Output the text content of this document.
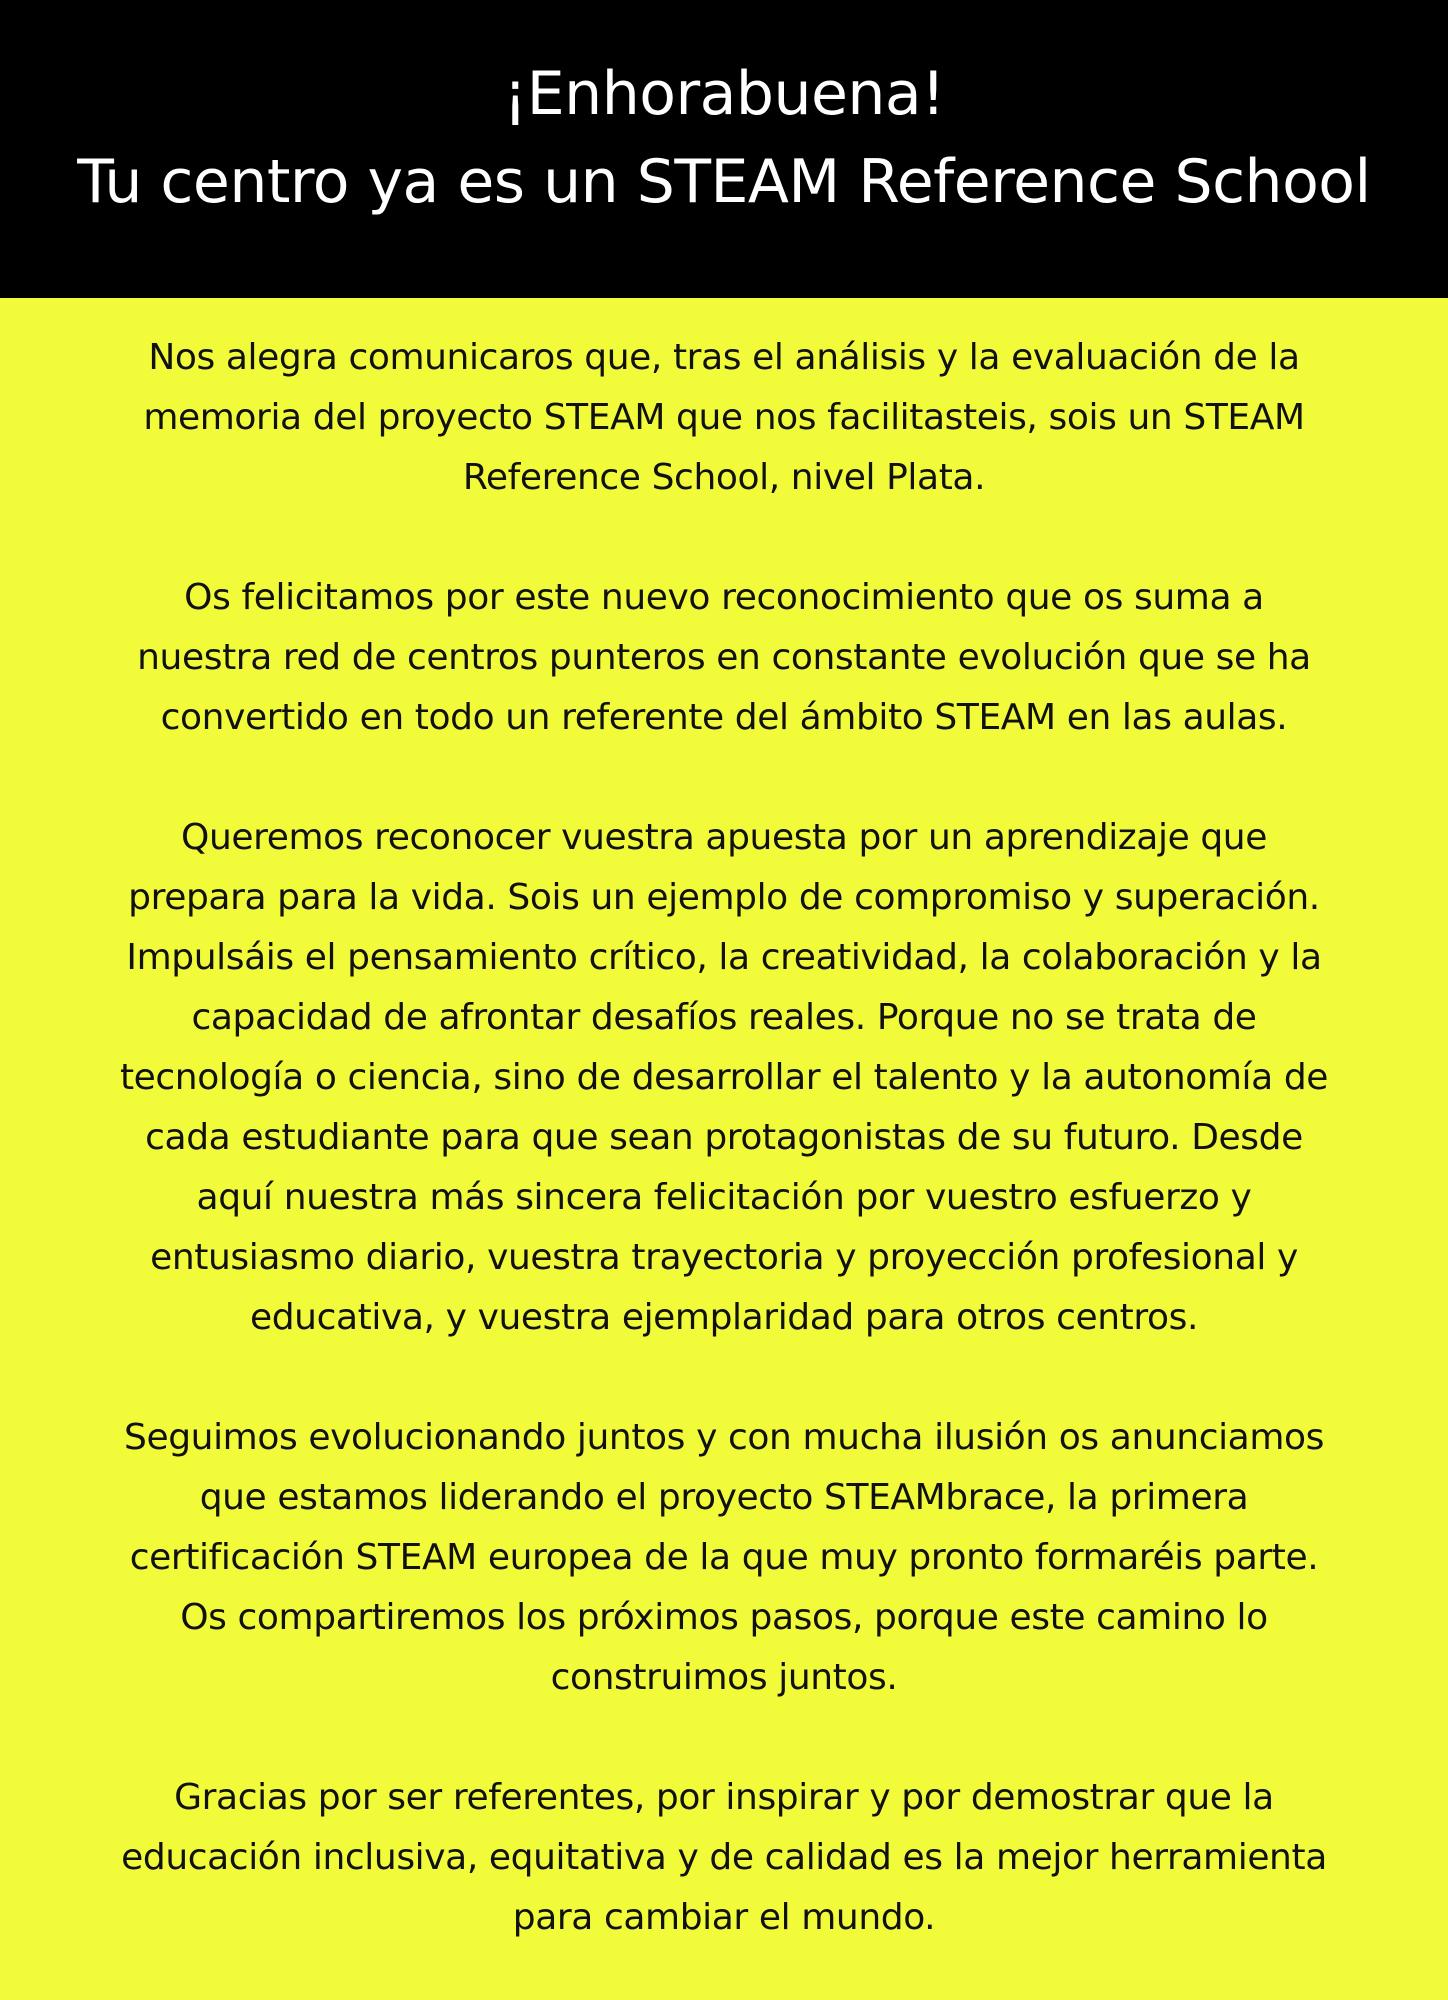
¡Enhorabuena!
Tu centro ya es un STEAM Reference School

Nos alegra comunicaros que, tras el análisis y la evaluación de la
memoria del proyecto STEAM que nos facilitasteis, sois un STEAM
Reference School, nivel Plata.

Os felicitamos por este nuevo reconocimiento que os suma a
nuestra red de centros punteros en constante evolución que se ha
convertido en todo un referente del ámbito STEAM en las aulas.

Queremos reconocer vuestra apuesta por un aprendizaje que
prepara para la vida. Sois un ejemplo de compromiso y superación.
Impulsáis el pensamiento crítico, la creatividad, la colaboración y la
capacidad de afrontar desafíos reales. Porque no se trata de
tecnología o ciencia, sino de desarrollar el talento y la autonomía de
cada estudiante para que sean protagonistas de su futuro. Desde
aquí nuestra más sincera felicitación por vuestro esfuerzo y
entusiasmo diario, vuestra trayectoria y proyección profesional y
educativa, y vuestra ejemplaridad para otros centros.

Seguimos evolucionando juntos y con mucha ilusión os anunciamos
que estamos liderando el proyecto STEAMbrace, la primera
certificación STEAM europea de la que muy pronto formaréis parte.
Os compartiremos los próximos pasos, porque este camino lo
construimos juntos.

Gracias por ser referentes, por inspirar y por demostrar que la
educación inclusiva, equitativa y de calidad es la mejor herramienta
para cambiar el mundo.
